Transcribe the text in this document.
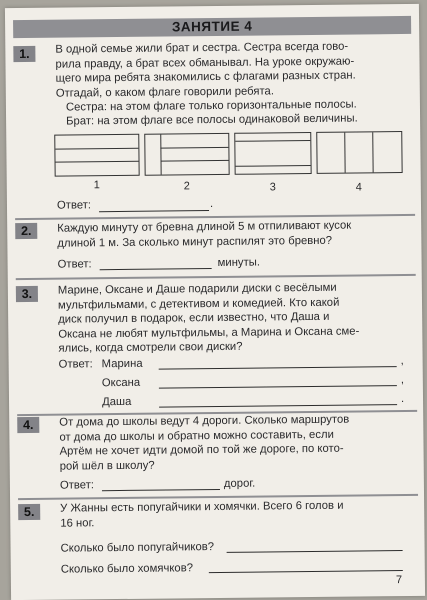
ЗАНЯТИЕ 4
1.	В одной семье жили брат и сестра. Сестра всегда гово-
рила правду, а брат всех обманывал. На уроке окружаю-
щего мира ребята знакомились с флагами разных стран.
Отгадай, о каком флаге говорили ребята.
Сестра: на этом флаге только горизонтальные полосы.
Брат: на этом флаге все полосы одинаковой величины.
1	2	3	4
Ответ:	.
2.	Каждую минуту от бревна длиной 5 м отпиливают кусок
длиной 1 м. За сколько минут распилят это бревно?
Ответ:	минуты.
3.	Марине, Оксане и Даше подарили диски с весёлыми
мультфильмами, с детективом и комедией. Кто какой
диск получил в подарок, если известно, что Даша и
Оксана не любят мультфильмы, а Марина и Оксана сме-
ялись, когда смотрели свои диски?
Ответ: Марина	,
Оксана	,
Даша	.
4.	От дома до школы ведут 4 дороги. Сколько маршрутов
от дома до школы и обратно можно составить, если
Артём не хочет идти домой по той же дороге, по кото-
рой шёл в школу?
Ответ:	дорог.
5.	У Жанны есть попугайчики и хомячки. Всего 6 голов и
16 ног.
Сколько было попугайчиков?
Сколько было хомячков?
7
